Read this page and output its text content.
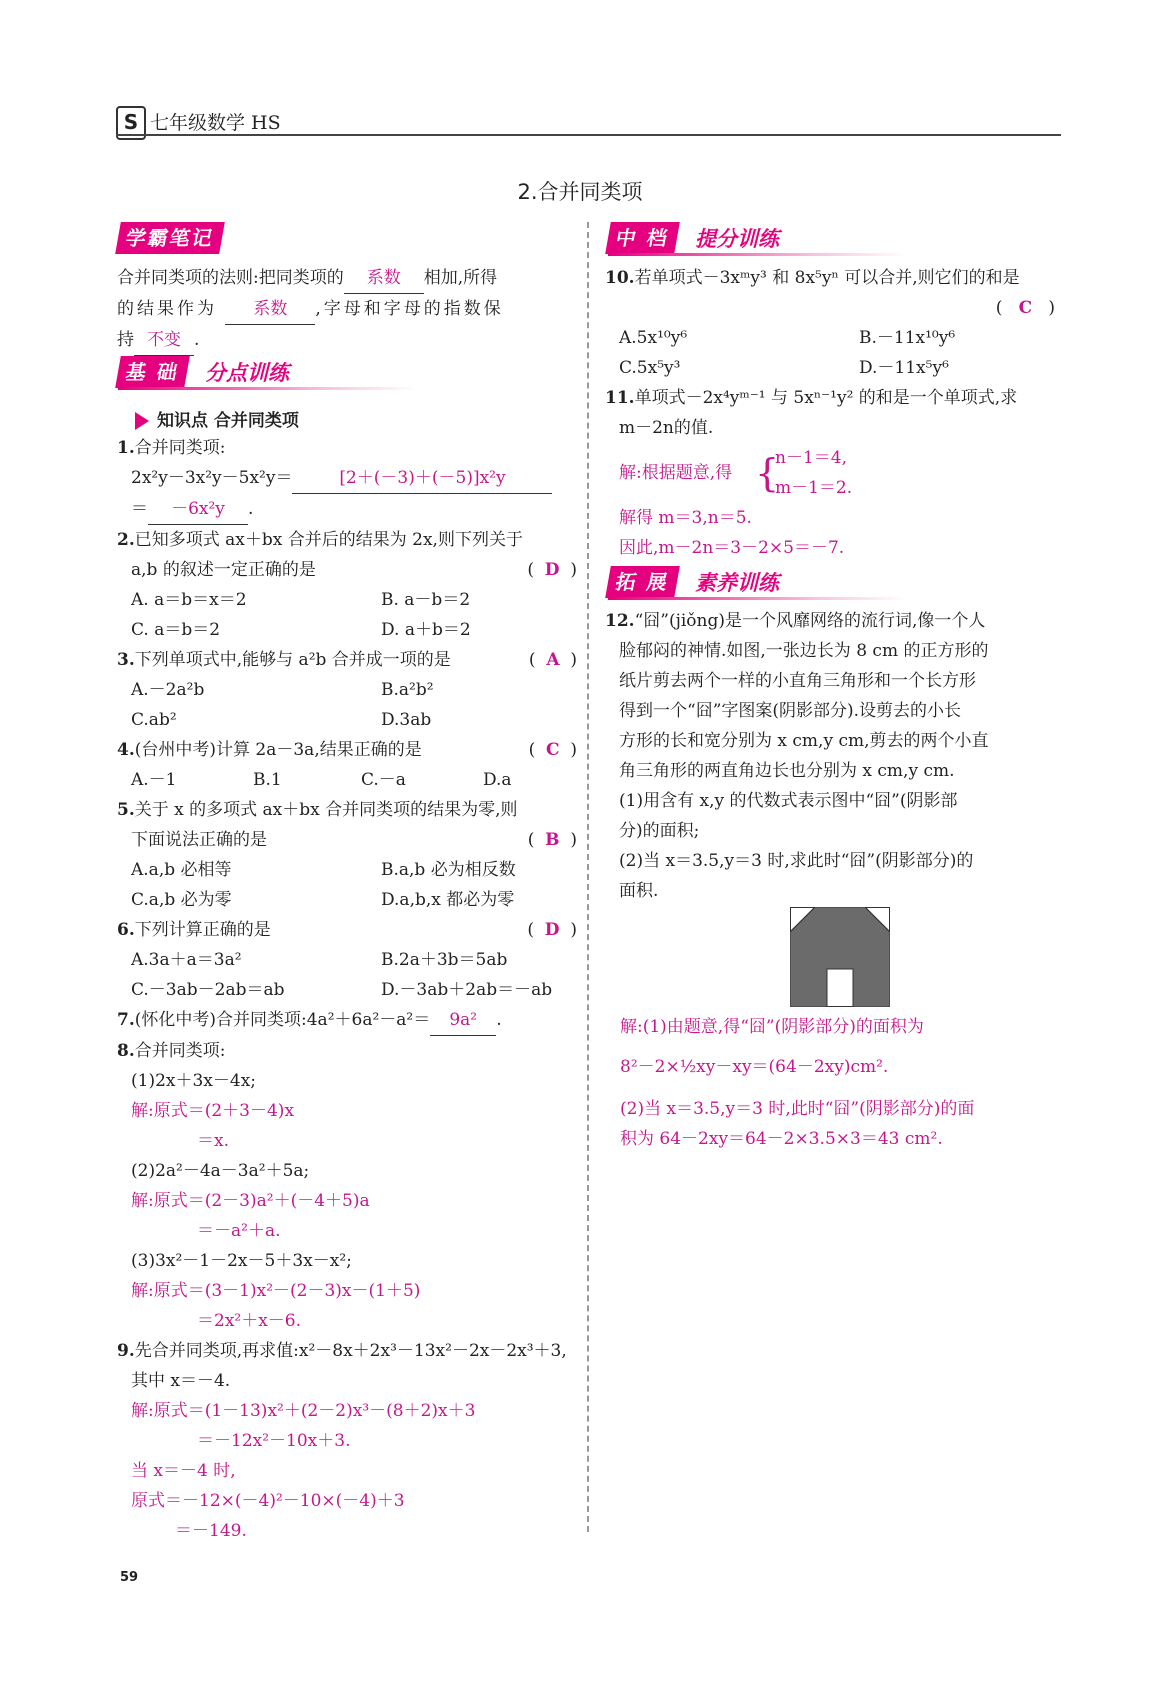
S 七年级数学 HS
2.合并同类项
学霸笔记
合并同类项的法则:把同类项的 系数 相加,所得
的结果作为 系数 ,字母和字母的指数保
持 不变 .
基 础	分点训练
知识点 合并同类项
1.合并同类项:
2x²y－3x²y－5x²y＝	[2＋(－3)＋(－5)]x²y
＝ －6x²y .
2.已知多项式 ax＋bx 合并后的结果为 2x,则下列关于
a,b 的叙述一定正确的是	(  D  )
A. a＝b＝x＝2	B. a－b＝2
C. a＝b＝2	D. a＋b＝2
3.下列单项式中,能够与 a²b 合并成一项的是	(  A  )
A.－2a²b	B.a²b²
C.ab²	D.3ab
4.(台州中考)计算 2a－3a,结果正确的是	(  C  )
A.－1	B.1	C.－a	D.a
5.关于 x 的多项式 ax＋bx 合并同类项的结果为零,则
下面说法正确的是	(  B  )
A.a,b 必相等	B.a,b 必为相反数
C.a,b 必为零	D.a,b,x 都必为零
6.下列计算正确的是	(  D  )
A.3a＋a＝3a²	B.2a＋3b＝5ab
C.－3ab－2ab＝ab	D.－3ab＋2ab＝－ab
7.(怀化中考)合并同类项:4a²＋6a²－a²＝ 9a² .
8.合并同类项:
(1)2x＋3x－4x;
解:原式＝(2＋3－4)x
＝x.
(2)2a²－4a－3a²＋5a;
解:原式＝(2－3)a²＋(－4＋5)a
＝－a²＋a.
(3)3x²－1－2x－5＋3x－x²;
解:原式＝(3－1)x²－(2－3)x－(1＋5)
＝2x²＋x－6.
9.先合并同类项,再求值:x²－8x＋2x³－13x²－2x－2x³＋3,
其中 x＝－4.
解:原式＝(1－13)x²＋(2－2)x³－(8＋2)x＋3
＝－12x²－10x＋3.
当 x＝－4 时,
原式＝－12×(－4)²－10×(－4)＋3
＝－149.
中 档	提分训练
10.若单项式－3xᵐy³ 和 8x⁵yⁿ 可以合并,则它们的和是
(   C   )
A.5x¹⁰y⁶	B.－11x¹⁰y⁶
C.5x⁵y³	D.－11x⁵y⁶
11.单项式－2x⁴yᵐ⁻¹ 与 5xⁿ⁻¹y² 的和是一个单项式,求
m－2n的值.
解:根据题意,得 {
n－1＝4,
m－1＝2.
解得 m＝3,n＝5.
因此,m－2n＝3－2×5＝－7.
拓 展	素养训练
12.“囧”(jiǒng)是一个风靡网络的流行词,像一个人
脸郁闷的神情.如图,一张边长为 8 cm 的正方形的
纸片剪去两个一样的小直角三角形和一个长方形
得到一个“囧”字图案(阴影部分).设剪去的小长
方形的长和宽分别为 x cm,y cm,剪去的两个小直
角三角形的两直角边长也分别为 x cm,y cm.
(1)用含有 x,y 的代数式表示图中“囧”(阴影部
分)的面积;
(2)当 x＝3.5,y＝3 时,求此时“囧”(阴影部分)的
面积.
解:(1)由题意,得“囧”(阴影部分)的面积为
8²－2×½xy－xy＝(64－2xy)cm².
(2)当 x＝3.5,y＝3 时,此时“囧”(阴影部分)的面
积为 64－2xy＝64－2×3.5×3＝43 cm².
59
